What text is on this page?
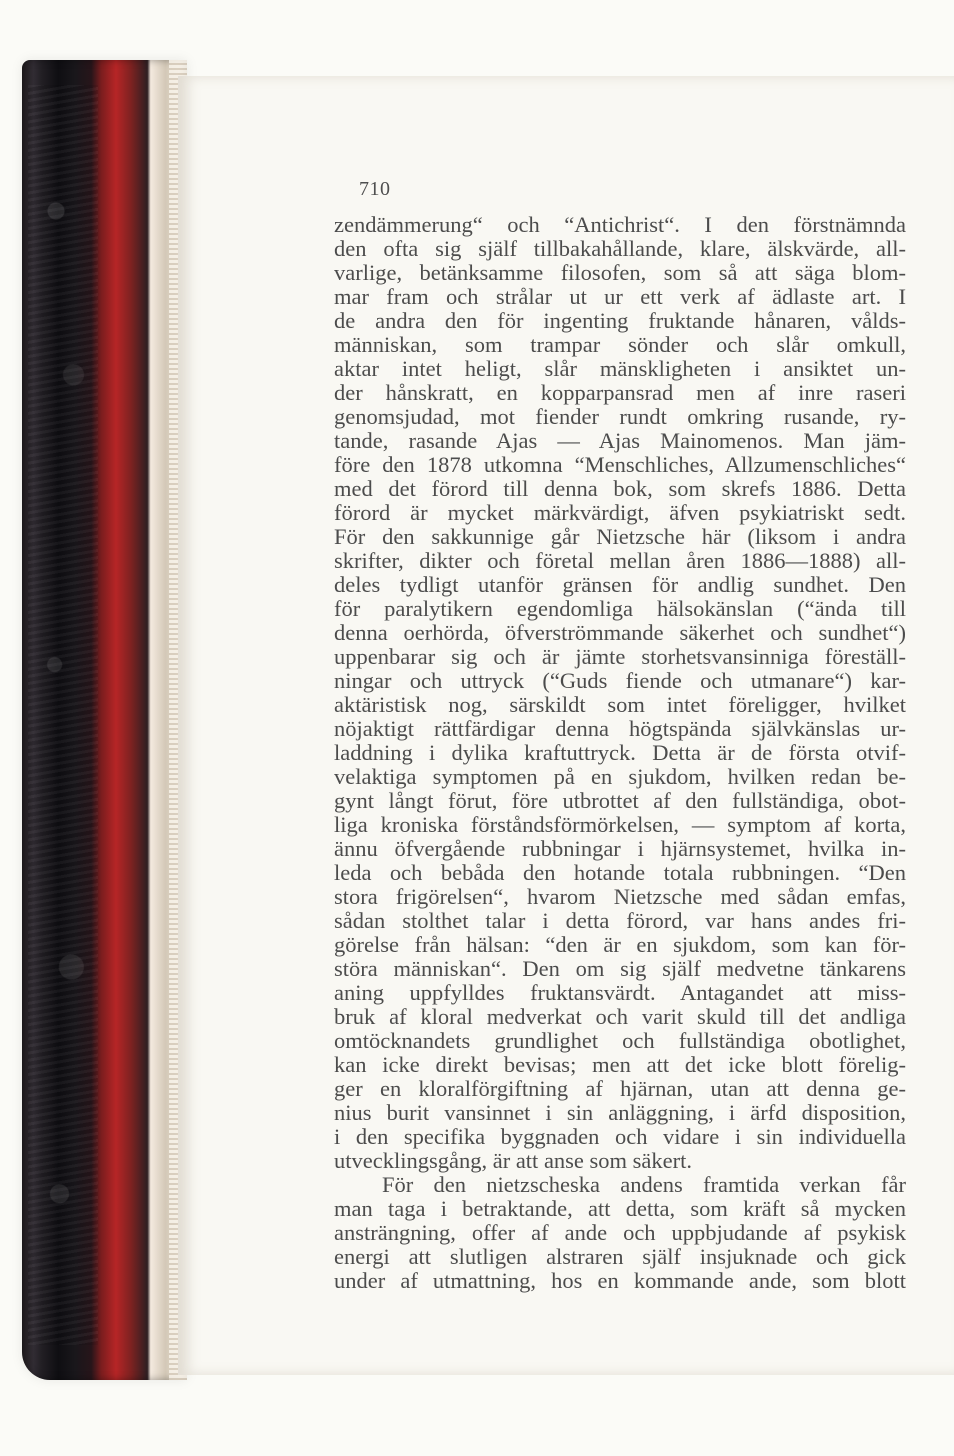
710
zendämmerung“ och “Antichrist“. I den förstnämnda
den ofta sig själf tillbakahållande, klare, älskvärde, all-
varlige, betänksamme filosofen, som så att säga blom-
mar fram och strålar ut ur ett verk af ädlaste art. I
de andra den för ingenting fruktande hånaren, vålds-
människan, som trampar sönder och slår omkull,
aktar intet heligt, slår mänskligheten i ansiktet un-
der hånskratt, en kopparpansrad men af inre raseri
genomsjudad, mot fiender rundt omkring rusande, ry-
tande, rasande Ajas — Ajas Mainomenos. Man jäm-
före den 1878 utkomna “Menschliches, Allzumenschliches“
med det förord till denna bok, som skrefs 1886. Detta
förord är mycket märkvärdigt, äfven psykiatriskt sedt.
För den sakkunnige går Nietzsche här (liksom i andra
skrifter, dikter och företal mellan åren 1886—1888) all-
deles tydligt utanför gränsen för andlig sundhet. Den
för paralytikern egendomliga hälsokänslan (“ända till
denna oerhörda, öfverströmmande säkerhet och sundhet“)
uppenbarar sig och är jämte storhetsvansinniga föreställ-
ningar och uttryck (“Guds fiende och utmanare“) kar-
aktäristisk nog, särskildt som intet föreligger, hvilket
nöjaktigt rättfärdigar denna högtspända självkänslas ur-
laddning i dylika kraftuttryck. Detta är de första otvif-
velaktiga symptomen på en sjukdom, hvilken redan be-
gynt långt förut, före utbrottet af den fullständiga, obot-
liga kroniska förståndsförmörkelsen, — symptom af korta,
ännu öfvergående rubbningar i hjärnsystemet, hvilka in-
leda och bebåda den hotande totala rubbningen. “Den
stora frigörelsen“, hvarom Nietzsche med sådan emfas,
sådan stolthet talar i detta förord, var hans andes fri-
görelse från hälsan: “den är en sjukdom, som kan för-
störa människan“. Den om sig själf medvetne tänkarens
aning uppfylldes fruktansvärdt. Antagandet att miss-
bruk af kloral medverkat och varit skuld till det andliga
omtöcknandets grundlighet och fullständiga obotlighet,
kan icke direkt bevisas; men att det icke blott förelig-
ger en kloralförgiftning af hjärnan, utan att denna ge-
nius burit vansinnet i sin anläggning, i ärfd disposition,
i den specifika byggnaden och vidare i sin individuella
utvecklingsgång, är att anse som säkert.
För den nietzscheska andens framtida verkan får
man taga i betraktande, att detta, som kräft så mycken
ansträngning, offer af ande och uppbjudande af psykisk
energi att slutligen alstraren själf insjuknade och gick
under af utmattning, hos en kommande ande, som blott
